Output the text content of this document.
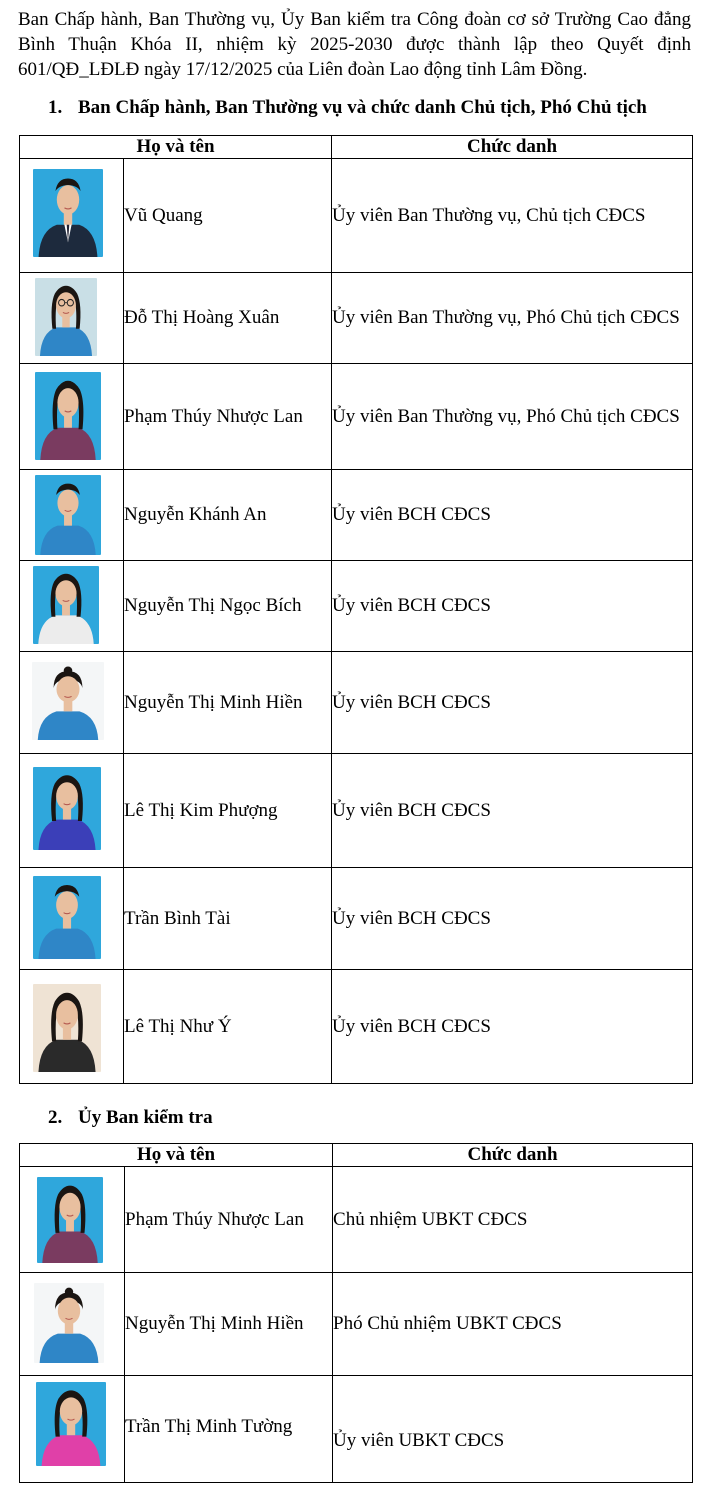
Ban Chấp hành, Ban Thường vụ, Ủy Ban kiểm tra Công đoàn cơ sở Trường Cao đẳng Bình Thuận Khóa II, nhiệm kỳ 2025-2030 được thành lập theo Quyết định 601/QĐ_LĐLĐ ngày 17/12/2025 của Liên đoàn Lao động tỉnh Lâm Đồng.

1. Ban Chấp hành, Ban Thường vụ và chức danh Chủ tịch, Phó Chủ tịch

Họ và tên		Chức danh

	Vũ Quang	Ủy viên Ban Thường vụ, Chủ tịch CĐCS

	Đỗ Thị Hoàng Xuân	Ủy viên Ban Thường vụ, Phó Chủ tịch CĐCS

	Phạm Thúy Nhược Lan	Ủy viên Ban Thường vụ, Phó Chủ tịch CĐCS

	Nguyễn Khánh An	Ủy viên BCH CĐCS

	Nguyễn Thị Ngọc Bích	Ủy viên BCH CĐCS

	Nguyễn Thị Minh Hiền	Ủy viên BCH CĐCS

	Lê Thị Kim Phượng	Ủy viên BCH CĐCS

	Trần Bình Tài	Ủy viên BCH CĐCS

	Lê Thị Như Ý	Ủy viên BCH CĐCS

2. Ủy Ban kiểm tra

Họ và tên		Chức danh

	Phạm Thúy Nhược Lan	Chủ nhiệm UBKT CĐCS

	Nguyễn Thị Minh Hiền	Phó Chủ nhiệm UBKT CĐCS

	Trần Thị Minh Tường	Ủy viên UBKT CĐCS
